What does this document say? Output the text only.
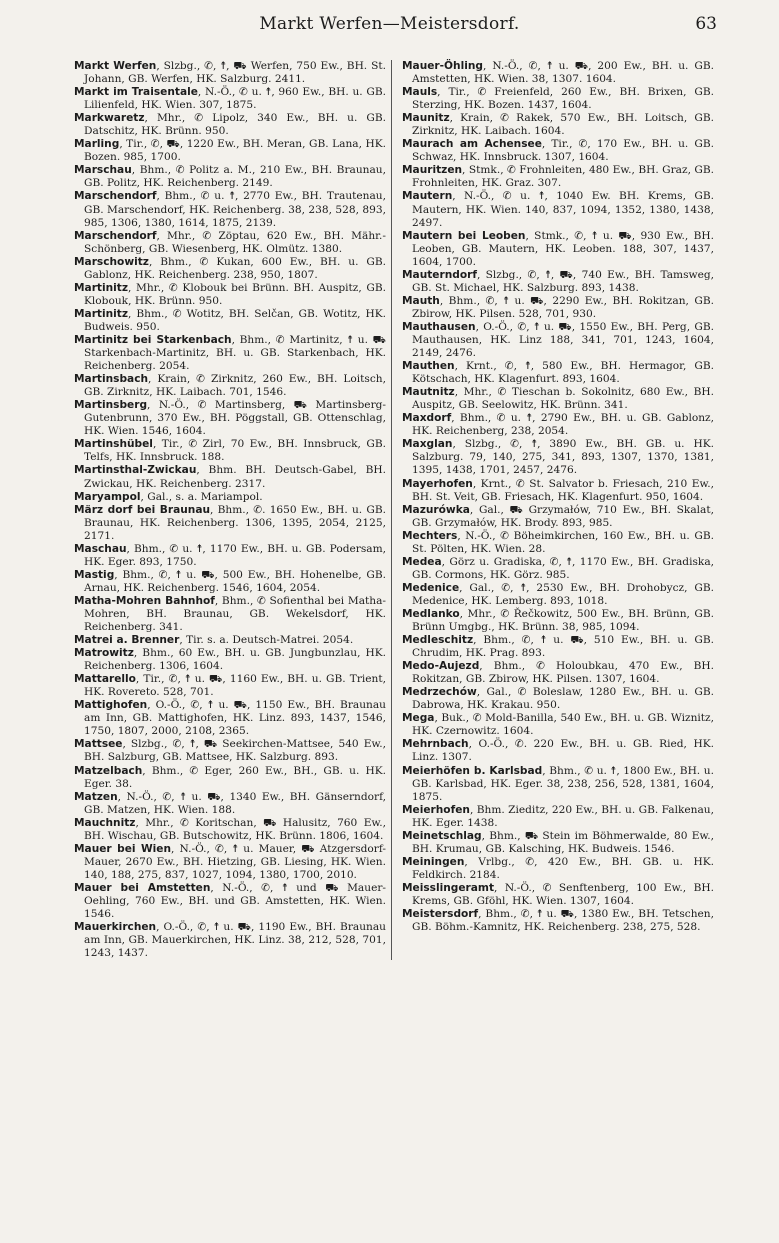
Markt Werfen—Meistersdorf.	63

Markt Werfen, Slzbg., ✆, ☨, ⛟ Werfen, 750 Ew., BH. St. Johann, GB. Werfen, HK. Salzburg. 2411.

Markt im Traisentale, N.-Ö., ✆ u. ☨, 960 Ew., BH. u. GB. Lilienfeld, HK. Wien. 307, 1875.

Markwaretz, Mhr., ✆ Lipolz, 340 Ew., BH. u. GB. Datschitz, HK. Brünn. 950.

Marling, Tir., ✆, ⛟, 1220 Ew., BH. Meran, GB. Lana, HK. Bozen. 985, 1700.

Marschau, Bhm., ✆ Politz a. M., 210 Ew., BH. Braunau, GB. Politz, HK. Reichenberg. 2149.

Marschendorf, Bhm., ✆ u. ☨, 2770 Ew., BH. Trautenau, GB. Marschendorf, HK. Reichenberg. 38, 238, 528, 893, 985, 1306, 1380, 1614, 1875, 2139.

Marschendorf, Mhr., ✆ Zöptau, 620 Ew., BH. Mähr.-Schönberg, GB. Wiesenberg, HK. Olmütz. 1380.

Marschowitz, Bhm., ✆ Kukan, 600 Ew., BH. u. GB. Gablonz, HK. Reichenberg. 238, 950, 1807.

Martinitz, Mhr., ✆ Klobouk bei Brünn. BH. Auspitz, GB. Klobouk, HK. Brünn. 950.

Martinitz, Bhm., ✆ Wotitz, BH. Selčan, GB. Wotitz, HK. Budweis. 950.

Martinitz bei Starkenbach, Bhm., ✆ Martinitz, ☨ u. ⛟ Starkenbach-Martinitz, BH. u. GB. Starkenbach, HK. Reichenberg. 2054.

Martinsbach, Krain, ✆ Zirknitz, 260 Ew., BH. Loitsch, GB. Zirknitz, HK. Laibach. 701, 1546.

Martinsberg, N.-Ö., ✆ Martinsberg, ⛟ Martinsberg-Gutenbrunn, 370 Ew., BH. Pöggstall, GB. Ottenschlag, HK. Wien. 1546, 1604.

Martinshübel, Tir., ✆ Zirl, 70 Ew., BH. Innsbruck, GB. Telfs, HK. Innsbruck. 188.

Martinsthal-Zwickau, Bhm. BH. Deutsch-Gabel, BH. Zwickau, HK. Reichenberg. 2317.

Maryampol, Gal., s. a. Mariampol.

März dorf bei Braunau, Bhm., ✆. 1650 Ew., BH. u. GB. Braunau, HK. Reichenberg. 1306, 1395, 2054, 2125, 2171.

Maschau, Bhm., ✆ u. ☨, 1170 Ew., BH. u. GB. Podersam, HK. Eger. 893, 1750.

Mastig, Bhm., ✆, ☨ u. ⛟, 500 Ew., BH. Hohenelbe, GB. Arnau, HK. Reichenberg. 1546, 1604, 2054.

Matha-Mohren Bahnhof, Bhm., ✆ Sofienthal bei Matha-Mohren, BH. Braunau, GB. Wekelsdorf, HK. Reichenberg. 341.

Matrei a. Brenner, Tir. s. a. Deutsch-Matrei. 2054.

Matrowitz, Bhm., 60 Ew., BH. u. GB. Jungbunzlau, HK. Reichenberg. 1306, 1604.

Mattarello, Tir., ✆, ☨ u. ⛟, 1160 Ew., BH. u. GB. Trient, HK. Rovereto. 528, 701.

Mattighofen, O.-Ö., ✆, ☨ u. ⛟, 1150 Ew., BH. Braunau am Inn, GB. Mattighofen, HK. Linz. 893, 1437, 1546, 1750, 1807, 2000, 2108, 2365.

Mattsee, Slzbg., ✆, ☨, ⛟ Seekirchen-Mattsee, 540 Ew., BH. Salzburg, GB. Mattsee, HK. Salzburg. 893.

Matzelbach, Bhm., ✆ Eger, 260 Ew., BH., GB. u. HK. Eger. 38.

Matzen, N.-Ö., ✆, ☨ u. ⛟, 1340 Ew., BH. Gänserndorf, GB. Matzen, HK. Wien. 188.

Mauchnitz, Mhr., ✆ Koritschan, ⛟ Halusitz, 760 Ew., BH. Wischau, GB. Butschowitz, HK. Brünn. 1806, 1604.

Mauer bei Wien, N.-Ö., ✆, ☨ u. Mauer, ⛟ Atzgersdorf-Mauer, 2670 Ew., BH. Hietzing, GB. Liesing, HK. Wien. 140, 188, 275, 837, 1027, 1094, 1380, 1700, 2010.

Mauer bei Amstetten, N.-Ö., ✆, ☨ und ⛟ Mauer-Oehling, 760 Ew., BH. und GB. Amstetten, HK. Wien. 1546.

Mauerkirchen, O.-Ö., ✆, ☨ u. ⛟, 1190 Ew., BH. Braunau am Inn, GB. Mauerkirchen, HK. Linz. 38, 212, 528, 701, 1243, 1437.

Mauer-Öhling, N.-Ö., ✆, ☨ u. ⛟, 200 Ew., BH. u. GB. Amstetten, HK. Wien. 38, 1307. 1604.

Mauls, Tir., ✆ Freienfeld, 260 Ew., BH. Brixen, GB. Sterzing, HK. Bozen. 1437, 1604.

Maunitz, Krain, ✆ Rakek, 570 Ew., BH. Loitsch, GB. Zirknitz, HK. Laibach. 1604.

Maurach am Achensee, Tir., ✆, 170 Ew., BH. u. GB. Schwaz, HK. Innsbruck. 1307, 1604.

Mauritzen, Stmk., ✆ Frohnleiten, 480 Ew., BH. Graz, GB. Frohnleiten, HK. Graz. 307.

Mautern, N.-Ö., ✆ u. ☨, 1040 Ew. BH. Krems, GB. Mautern, HK. Wien. 140, 837, 1094, 1352, 1380, 1438, 2497.

Mautern bei Leoben, Stmk., ✆, ☨ u. ⛟, 930 Ew., BH. Leoben, GB. Mautern, HK. Leoben. 188, 307, 1437, 1604, 1700.

Mauterndorf, Slzbg., ✆, ☨, ⛟, 740 Ew., BH. Tamsweg, GB. St. Michael, HK. Salzburg. 893, 1438.

Mauth, Bhm., ✆, ☨ u. ⛟, 2290 Ew., BH. Rokitzan, GB. Zbirow, HK. Pilsen. 528, 701, 930.

Mauthausen, O.-Ö., ✆, ☨ u. ⛟, 1550 Ew., BH. Perg, GB. Mauthausen, HK. Linz 188, 341, 701, 1243, 1604, 2149, 2476.

Mauthen, Krnt., ✆, ☨, 580 Ew., BH. Hermagor, GB. Kötschach, HK. Klagenfurt. 893, 1604.

Mautnitz, Mhr., ✆ Tieschan b. Sokolnitz, 680 Ew., BH. Auspitz, GB. Seelowitz, HK. Brünn. 341.

Maxdorf, Bhm., ✆ u. ☨, 2790 Ew., BH. u. GB. Gablonz, HK. Reichenberg, 238, 2054.

Maxglan, Slzbg., ✆, ☨, 3890 Ew., BH. GB. u. HK. Salzburg. 79, 140, 275, 341, 893, 1307, 1370, 1381, 1395, 1438, 1701, 2457, 2476.

Mayerhofen, Krnt., ✆ St. Salvator b. Friesach, 210 Ew., BH. St. Veit, GB. Friesach, HK. Klagenfurt. 950, 1604.

Mazurówka, Gal., ⛟ Grzymałów, 710 Ew., BH. Skalat, GB. Grzymałów, HK. Brody. 893, 985.

Mechters, N.-Ö., ✆ Böheimkirchen, 160 Ew., BH. u. GB. St. Pölten, HK. Wien. 28.

Medea, Görz u. Gradiska, ✆, ☨, 1170 Ew., BH. Gradiska, GB. Cormons, HK. Görz. 985.

Medenice, Gal., ✆, ☨, 2530 Ew., BH. Drohobycz, GB. Medenice, HK. Lemberg. 893, 1018.

Medlanko, Mhr., ✆ Řečkowitz, 500 Ew., BH. Brünn, GB. Brünn Umgbg., HK. Brünn. 38, 985, 1094.

Medleschitz, Bhm., ✆, ☨ u. ⛟, 510 Ew., BH. u. GB. Chrudim, HK. Prag. 893.

Medo-Aujezd, Bhm., ✆ Holoubkau, 470 Ew., BH. Rokitzan, GB. Zbirow, HK. Pilsen. 1307, 1604.

Medrzechów, Gal., ✆ Boleslaw, 1280 Ew., BH. u. GB. Dabrowa, HK. Krakau. 950.

Mega, Buk., ✆ Mold-Banilla, 540 Ew., BH. u. GB. Wiznitz, HK. Czernowitz. 1604.

Mehrnbach, O.-Ö., ✆. 220 Ew., BH. u. GB. Ried, HK. Linz. 1307.

Meierhöfen b. Karlsbad, Bhm., ✆ u. ☨, 1800 Ew., BH. u. GB. Karlsbad, HK. Eger. 38, 238, 256, 528, 1381, 1604, 1875.

Meierhofen, Bhm. Zieditz, 220 Ew., BH. u. GB. Falkenau, HK. Eger. 1438.

Meinetschlag, Bhm., ⛟ Stein im Böhmerwalde, 80 Ew., BH. Krumau, GB. Kalsching, HK. Budweis. 1546.

Meiningen, Vrlbg., ✆, 420 Ew., BH. GB. u. HK. Feldkirch. 2184.

Meisslingeramt, N.-Ö., ✆ Senftenberg, 100 Ew., BH. Krems, GB. Gföhl, HK. Wien. 1307, 1604.

Meistersdorf, Bhm., ✆, ☨ u. ⛟, 1380 Ew., BH. Tetschen, GB. Böhm.-Kamnitz, HK. Reichenberg. 238, 275, 528.
